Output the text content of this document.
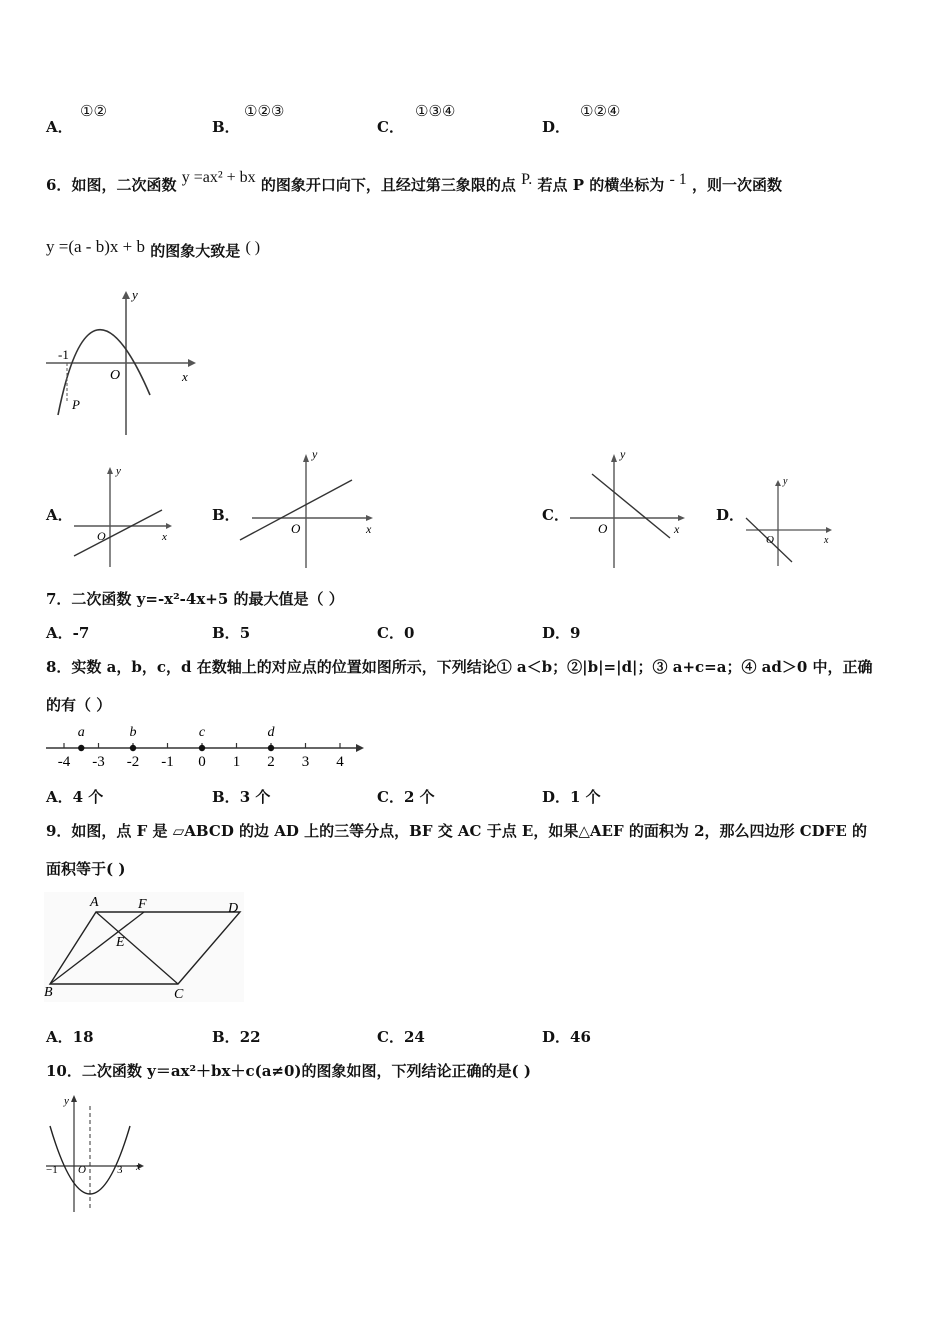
A．
①②
B．
①②③
C．
①③④
D．
①②④
6．如图，二次函数 y =ax² + bx 的图象开口向下，且经过第三象限的点 P. 若点 P 的横坐标为 - 1 ，则一次函数
y =(a - b)x + b 的图象大致是 ( )
y
x
O
-1
P
A．
y
x
O
B．
y
x
O
C．
y
x
O
D．
y
x
O
7．二次函数 y=-x²-4x+5 的最大值是（ ）
A．-7	B．5	C．0	D．9
8．实数 a，b，c，d 在数轴上的对应点的位置如图所示，下列结论① a＜b；②|b|=|d|；③ a+c=a；④ ad＞0 中，正确
的有（ ）
-4 -3 -2 -1 0 1 2 3 4
a	b	c	d
A．4 个	B．3 个	C．2 个	D．1 个
9．如图，点 F 是 ▱ABCD 的边 AD 上的三等分点，BF 交 AC 于点 E，如果△AEF 的面积为 2，那么四边形 CDFE 的
面积等于( )
A	F	D
E
B	C
A．18	B．22	C．24	D．46
10．二次函数 y＝ax²＋bx＋c(a≠0)的图象如图，下列结论正确的是( )
y
x
O
−1	3
